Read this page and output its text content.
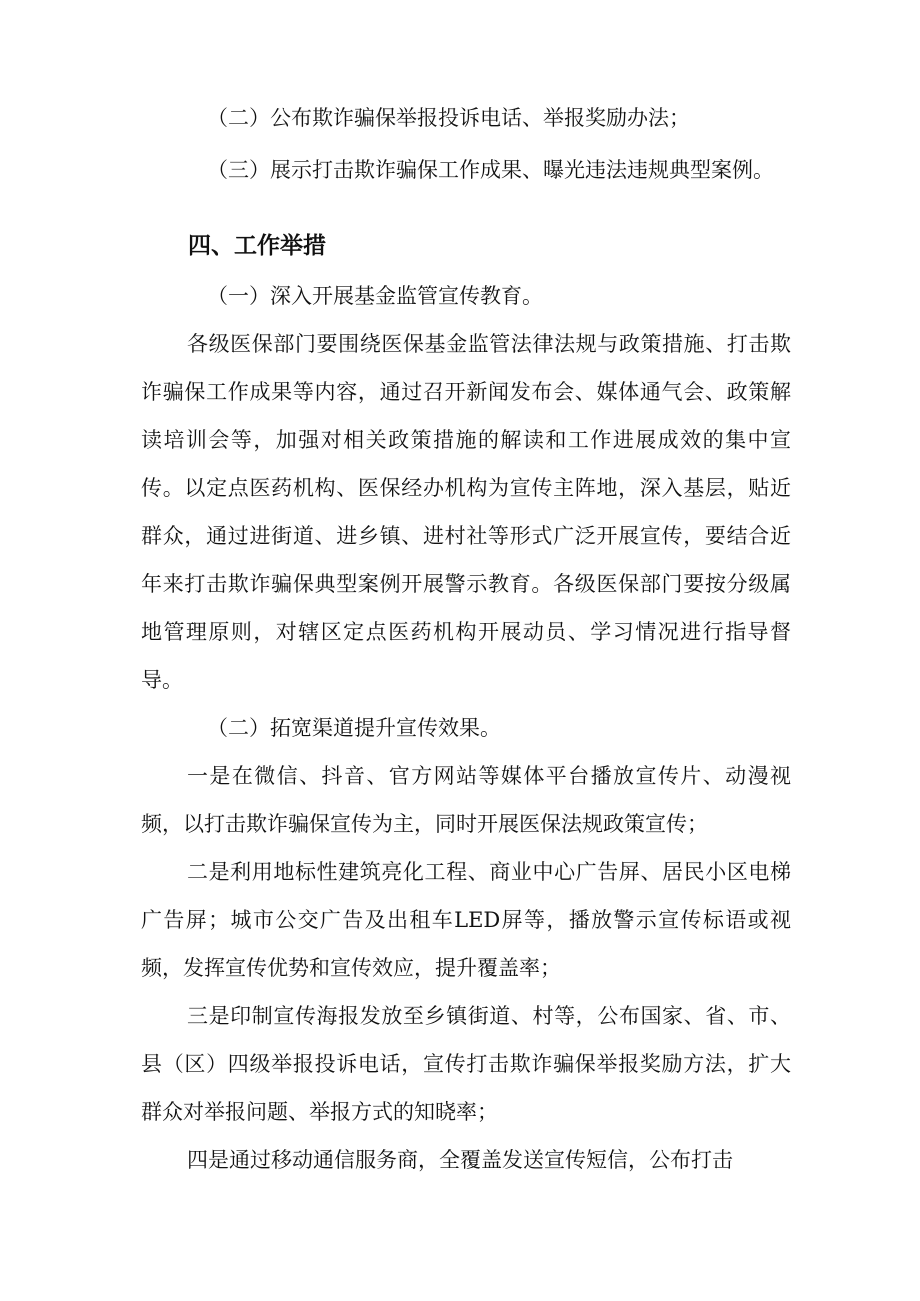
（二）公布欺诈骗保举报投诉电话、举报奖励办法；

（三）展示打击欺诈骗保工作成果、曝光违法违规典型案例。

四、工作举措

（一）深入开展基金监管宣传教育。

各级医保部门要围绕医保基金监管法律法规与政策措施、打击欺诈骗保工作成果等内容，通过召开新闻发布会、媒体通气会、政策解读培训会等，加强对相关政策措施的解读和工作进展成效的集中宣传。以定点医药机构、医保经办机构为宣传主阵地，深入基层，贴近群众，通过进街道、进乡镇、进村社等形式广泛开展宣传，要结合近年来打击欺诈骗保典型案例开展警示教育。各级医保部门要按分级属地管理原则，对辖区定点医药机构开展动员、学习情况进行指导督导。

（二）拓宽渠道提升宣传效果。

一是在微信、抖音、官方网站等媒体平台播放宣传片、动漫视频，以打击欺诈骗保宣传为主，同时开展医保法规政策宣传；

二是利用地标性建筑亮化工程、商业中心广告屏、居民小区电梯广告屏；城市公交广告及出租车LED屏等，播放警示宣传标语或视频，发挥宣传优势和宣传效应，提升覆盖率；

三是印制宣传海报发放至乡镇街道、村等，公布国家、省、市、县（区）四级举报投诉电话，宣传打击欺诈骗保举报奖励方法，扩大群众对举报问题、举报方式的知晓率；

四是通过移动通信服务商，全覆盖发送宣传短信，公布打击
